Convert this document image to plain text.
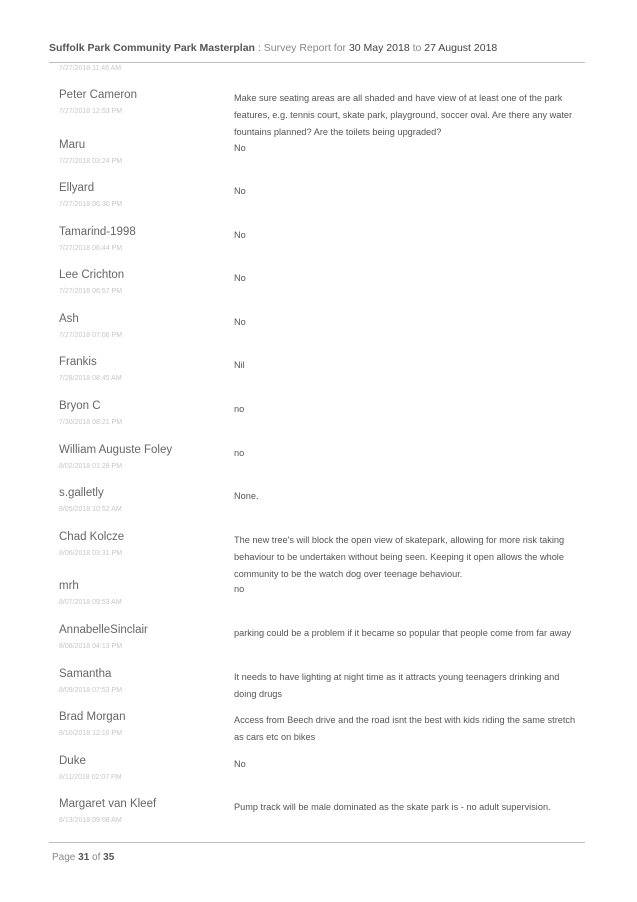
Suffolk Park Community Park Masterplan : Survey Report for 30 May 2018 to 27 August 2018
7/27/2018 11:46 AM
Peter Cameron
7/27/2018 12:53 PM
Make sure seating areas are all shaded and have view of at least one of the park features, e.g. tennis court, skate park, playground, soccer oval. Are there any water fountains planned? Are the toilets being upgraded?
Maru
7/27/2018 03:24 PM
No
Ellyard
7/27/2018 06:30 PM
No
Tamarind-1998
7/27/2018 06:44 PM
No
Lee Crichton
7/27/2018 06:57 PM
No
Ash
7/27/2018 07:06 PM
No
Frankis
7/28/2018 08:45 AM
Nil
Bryon C
7/30/2018 08:21 PM
no
William Auguste Foley
8/02/2018 01:28 PM
no
s.galletly
8/05/2018 10:52 AM
None.
Chad Kolcze
8/06/2018 03:31 PM
The new tree's will block the open view of skatepark, allowing for more risk taking behaviour to be undertaken without being seen. Keeping it open allows the whole community to be the watch dog over teenage behaviour.
mrh
8/07/2018 09:53 AM
no
AnnabelleSinclair
8/08/2018 04:13 PM
parking could be a problem if it became so popular that people come from far away
Samantha
8/09/2018 07:53 PM
It needs to have lighting at night time as it attracts young teenagers drinking and doing drugs
Brad Morgan
8/10/2018 12:16 PM
Access from Beech drive and the road isnt the best with kids riding the same stretch as cars etc on bikes
Duke
8/11/2018 02:07 PM
No
Margaret van Kleef
8/13/2018 09:08 AM
Pump track will be male dominated as the skate park is - no adult supervision.
Page 31 of 35
